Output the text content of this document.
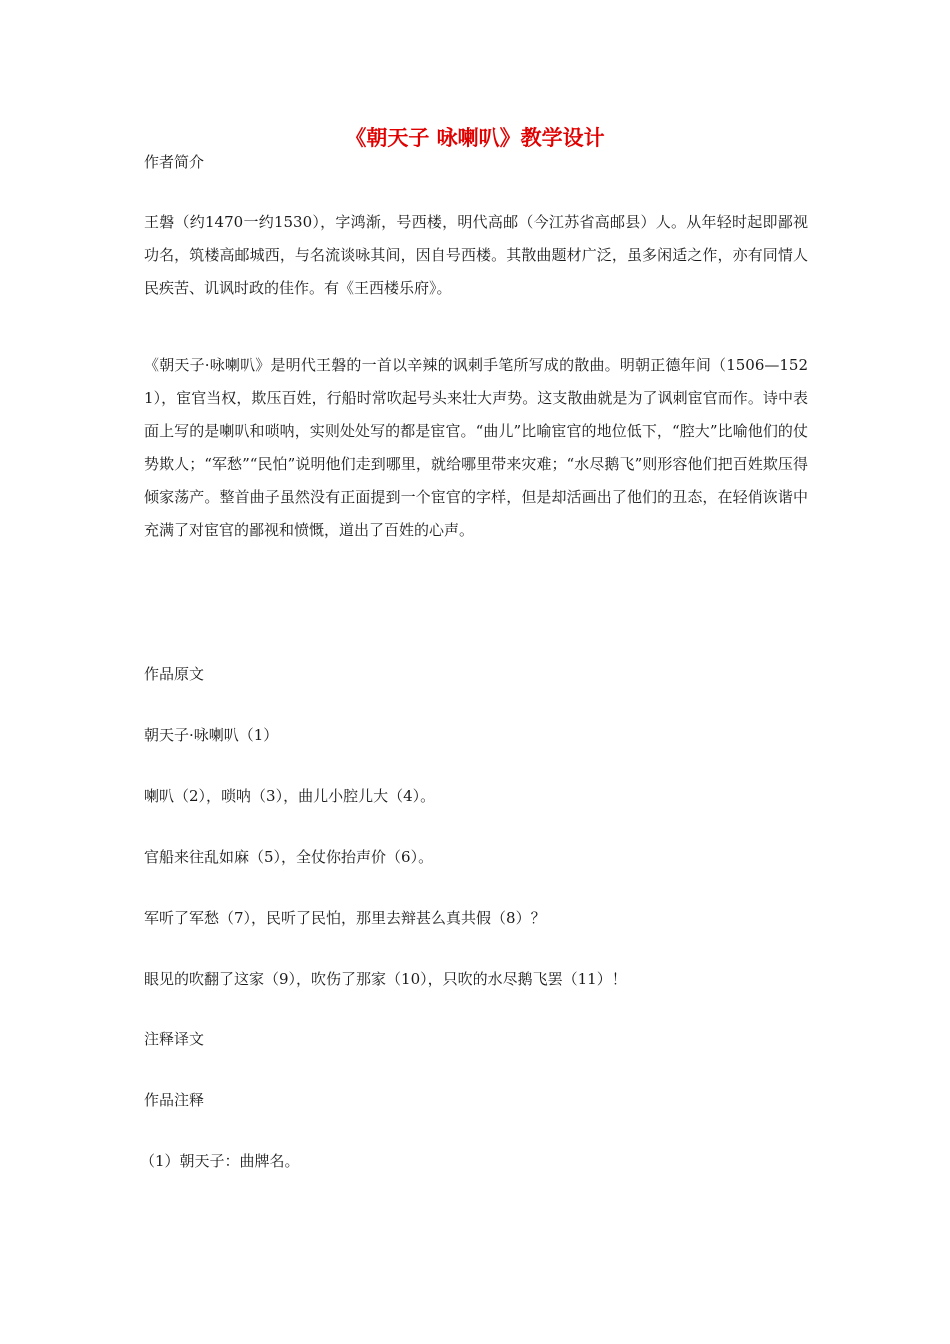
《朝天子 咏喇叭》教学设计
作者简介

王磐（约1470一约1530），字鸿渐，号西楼，明代高邮（今江苏省高邮县）人。从年轻时起即鄙视功名，筑楼高邮城西，与名流谈咏其间，因自号西楼。其散曲题材广泛，虽多闲适之作，亦有同情人民疾苦、讥讽时政的佳作。有《王西楼乐府》。

《朝天子·咏喇叭》是明代王磐的一首以辛辣的讽刺手笔所写成的散曲。明朝正德年间（1506—1521），宦官当权，欺压百姓，行船时常吹起号头来壮大声势。这支散曲就是为了讽刺宦官而作。诗中表面上写的是喇叭和唢呐，实则处处写的都是宦官。“曲儿”比喻宦官的地位低下，“腔大”比喻他们的仗势欺人；“军愁”“民怕”说明他们走到哪里，就给哪里带来灾难；“水尽鹅飞”则形容他们把百姓欺压得倾家荡产。整首曲子虽然没有正面提到一个宦官的字样，但是却活画出了他们的丑态，在轻俏诙谐中充满了对宦官的鄙视和愤慨，道出了百姓的心声。

作品原文
朝天子·咏喇叭（1）
喇叭（2），唢呐（3），曲儿小腔儿大（4）。
官船来往乱如麻（5），全仗你抬声价（6）。
军听了军愁（7），民听了民怕，那里去辩甚么真共假（8）？
眼见的吹翻了这家（9），吹伤了那家（10），只吹的水尽鹅飞罢（11）！
注释译文
作品注释
（1）朝天子：曲牌名。
